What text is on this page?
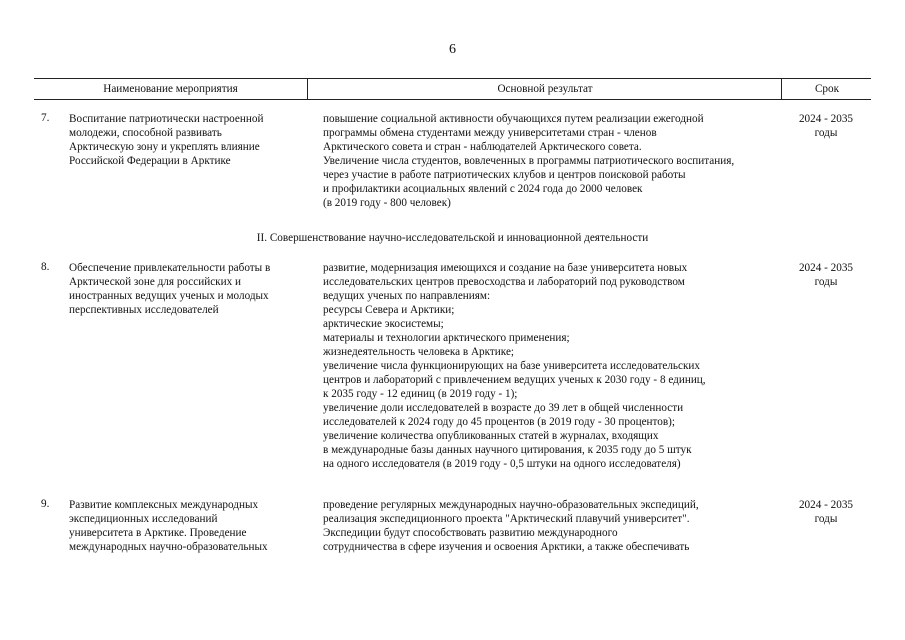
6
Наименование мероприятия	Основной результат	Срок
7. Воспитание патриотически настроенной
молодежи, способной развивать
Арктическую зону и укреплять влияние
Российской Федерации в Арктике
повышение социальной активности обучающихся путем реализации ежегодной
программы обмена студентами между университетами стран - членов
Арктического совета и стран - наблюдателей Арктического совета.
Увеличение числа студентов, вовлеченных в программы патриотического воспитания,
через участие в работе патриотических клубов и центров поисковой работы
и профилактики асоциальных явлений с 2024 года до 2000 человек
(в 2019 году - 800 человек)
2024 - 2035
годы
II. Совершенствование научно-исследовательской и инновационной деятельности
8. Обеспечение привлекательности работы в
Арктической зоне для российских и
иностранных ведущих ученых и молодых
перспективных исследователей
развитие, модернизация имеющихся и создание на базе университета новых
исследовательских центров превосходства и лабораторий под руководством
ведущих ученых по направлениям:
ресурсы Севера и Арктики;
арктические экосистемы;
материалы и технологии арктического применения;
жизнедеятельность человека в Арктике;
увеличение числа функционирующих на базе университета исследовательских
центров и лабораторий с привлечением ведущих ученых к 2030 году - 8 единиц,
к 2035 году - 12 единиц (в 2019 году - 1);
увеличение доли исследователей в возрасте до 39 лет в общей численности
исследователей к 2024 году до 45 процентов (в 2019 году - 30 процентов);
увеличение количества опубликованных статей в журналах, входящих
в международные базы данных научного цитирования, к 2035 году до 5 штук
на одного исследователя (в 2019 году - 0,5 штуки на одного исследователя)
2024 - 2035
годы
9. Развитие комплексных международных
экспедиционных исследований
университета в Арктике. Проведение
международных научно-образовательных
проведение регулярных международных научно-образовательных экспедиций,
реализация экспедиционного проекта "Арктический плавучий университет".
Экспедиции будут способствовать развитию международного
сотрудничества в сфере изучения и освоения Арктики, а также обеспечивать
2024 - 2035
годы
